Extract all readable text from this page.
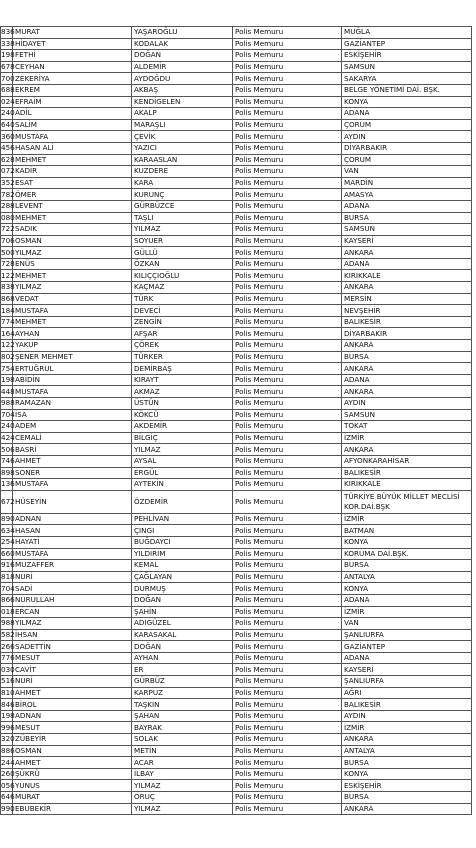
836	MURAT	YAŞAROĞLU	Polis Memuru	MUĞLA
338	HİDAYET	KODALAK	Polis Memuru	GAZİANTEP
198	FETHİ	DOĞAN	Polis Memuru	ESKİŞEHİR
678	CEYHAN	ALDEMİR	Polis Memuru	SAMSUN
700	ZEKERİYA	AYDOĞDU	Polis Memuru	SAKARYA
688	EKREM	AKBAŞ	Polis Memuru	BELGE YÖNETİMİ DAİ. BŞK.
024	EFRAİM	KENDİGELEN	Polis Memuru	KONYA
240	ADİL	AKALP	Polis Memuru	ADANA
640	SALİM	MARAŞLI	Polis Memuru	ÇORUM
360	MUSTAFA	ÇEVİK	Polis Memuru	AYDIN
456	HASAN ALİ	YAZICI	Polis Memuru	DİYARBAKIR
628	MEHMET	KARAASLAN	Polis Memuru	ÇORUM
072	KADİR	KUZDERE	Polis Memuru	VAN
352	ESAT	KARA	Polis Memuru	MARDİN
782	ÖMER	KURUNÇ	Polis Memuru	AMASYA
288	LEVENT	GÜRBÜZCE	Polis Memuru	ADANA
080	MEHMET	TAŞLI	Polis Memuru	BURSA
722	SADIK	YILMAZ	Polis Memuru	SAMSUN
706	OSMAN	SOYUER	Polis Memuru	KAYSERİ
500	YILMAZ	GÜLLÜ	Polis Memuru	ANKARA
728	ENÜS	ÖZKAN	Polis Memuru	ADANA
122	MEHMET	KILIÇÇIOĞLU	Polis Memuru	KIRIKKALE
838	YILMAZ	KAÇMAZ	Polis Memuru	ANKARA
868	VEDAT	TÜRK	Polis Memuru	MERSİN
184	MUSTAFA	DEVECİ	Polis Memuru	NEVŞEHİR
774	MEHMET	ZENGİN	Polis Memuru	BALIKESİR
164	AYHAN	AFŞAR	Polis Memuru	DİYARBAKIR
122	YAKUP	ÇÖREK	Polis Memuru	ANKARA
802	ŞENER MEHMET	TÜRKER	Polis Memuru	BURSA
754	ERTUĞRUL	DEMİRBAŞ	Polis Memuru	ANKARA
198	ABİDİN	KIRAYT	Polis Memuru	ADANA
448	MUSTAFA	AKMAZ	Polis Memuru	ANKARA
988	RAMAZAN	ÜSTÜN	Polis Memuru	AYDIN
704	İSA	KÖKCÜ	Polis Memuru	SAMSUN
240	ADEM	AKDEMİR	Polis Memuru	TOKAT
424	CEMALİ	BİLGİÇ	Polis Memuru	İZMİR
506	BASRİ	YILMAZ	Polis Memuru	ANKARA
746	AHMET	AYSAL	Polis Memuru	AFYONKARAHİSAR
898	SONER	ERGÜL	Polis Memuru	BALIKESİR
136	MUSTAFA	AYTEKİN	Polis Memuru	KIRIKKALE
672	HÜSEYİN	ÖZDEMİR	Polis Memuru	TÜRKİYE BÜYÜK MİLLET MECLİSİ KOR.DAİ.BŞK
890	ADNAN	PEHLİVAN	Polis Memuru	İZMİR
634	HASAN	ÇINGI	Polis Memuru	BATMAN
254	HAYATİ	BUĞDAYCI	Polis Memuru	KONYA
660	MUSTAFA	YILDIRIM	Polis Memuru	KORUMA DAİ.BŞK.
916	MUZAFFER	KEMAL	Polis Memuru	BURSA
818	NURİ	ÇAĞLAYAN	Polis Memuru	ANTALYA
704	SADİ	DURMUŞ	Polis Memuru	KONYA
866	NURULLAH	DOĞAN	Polis Memuru	ADANA
018	ERCAN	ŞAHİN	Polis Memuru	İZMİR
988	YILMAZ	ADIGÜZEL	Polis Memuru	VAN
582	İHSAN	KARASAKAL	Polis Memuru	ŞANLIURFA
266	SADETTİN	DOĞAN	Polis Memuru	GAZİANTEP
776	MESUT	AYHAN	Polis Memuru	ADANA
030	CAVİT	ER	Polis Memuru	KAYSERİ
516	NURİ	GÜRBÜZ	Polis Memuru	ŞANLIURFA
810	AHMET	KARPUZ	Polis Memuru	AĞRI
846	BİROL	TAŞKIN	Polis Memuru	BALIKESİR
198	ADNAN	ŞAHAN	Polis Memuru	AYDIN
996	MESUT	BAYRAK	Polis Memuru	İZMİR
320	ZÜBEYİR	SOLAK	Polis Memuru	ANKARA
886	OSMAN	METİN	Polis Memuru	ANTALYA
244	AHMET	ACAR	Polis Memuru	BURSA
260	ŞÜKRÜ	İLBAY	Polis Memuru	KONYA
056	YUNUS	YILMAZ	Polis Memuru	ESKİŞEHİR
646	MURAT	ORUÇ	Polis Memuru	BURSA
990	EBUBEKİR	YILMAZ	Polis Memuru	ANKARA
